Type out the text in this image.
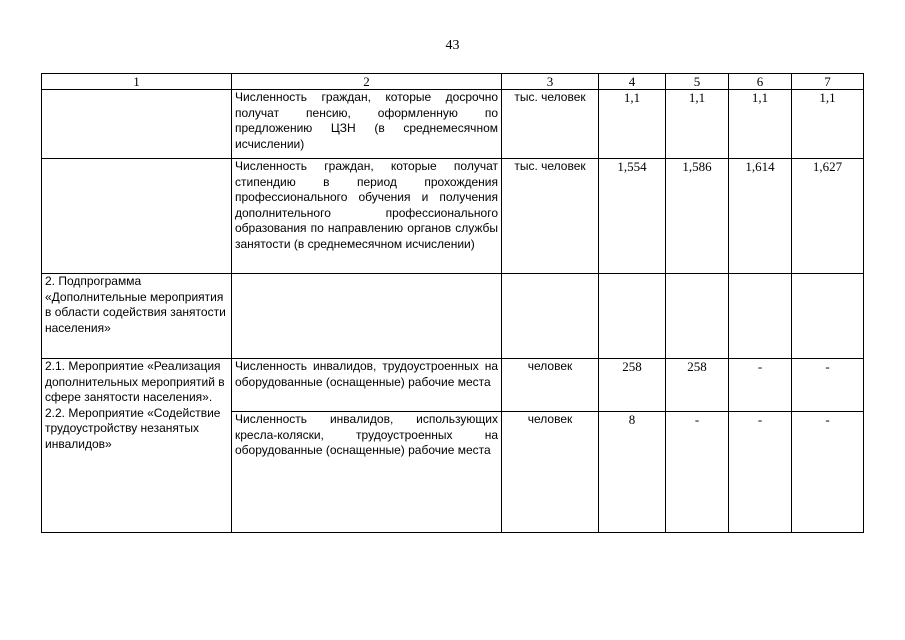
43
1	2	3	4	5	6	7
	Численность граждан, которые досрочно получат пенсию, оформленную по предложению ЦЗН (в среднемесячном исчислении)	тыс. человек	1,1	1,1	1,1	1,1
	Численность граждан, которые получат стипендию в период прохождения профессионального обучения и получения дополнительного профессионального образования по направлению органов службы занятости (в среднемесячном исчислении)	тыс. человек	1,554	1,586	1,614	1,627
2. Подпрограмма «Дополнительные мероприятия в области содействия занятости населения»						
2.1. Мероприятие «Реализация дополнительных мероприятий в сфере занятости населения». 2.2. Мероприятие «Содействие трудоустройству незанятых инвалидов»	Численность инвалидов, трудоустроенных на оборудованные (оснащенные) рабочие места	человек	258	258	-	-
	Численность инвалидов, использующих кресла-коляски, трудоустроенных на оборудованные (оснащенные) рабочие места	человек	8	-	-	-
